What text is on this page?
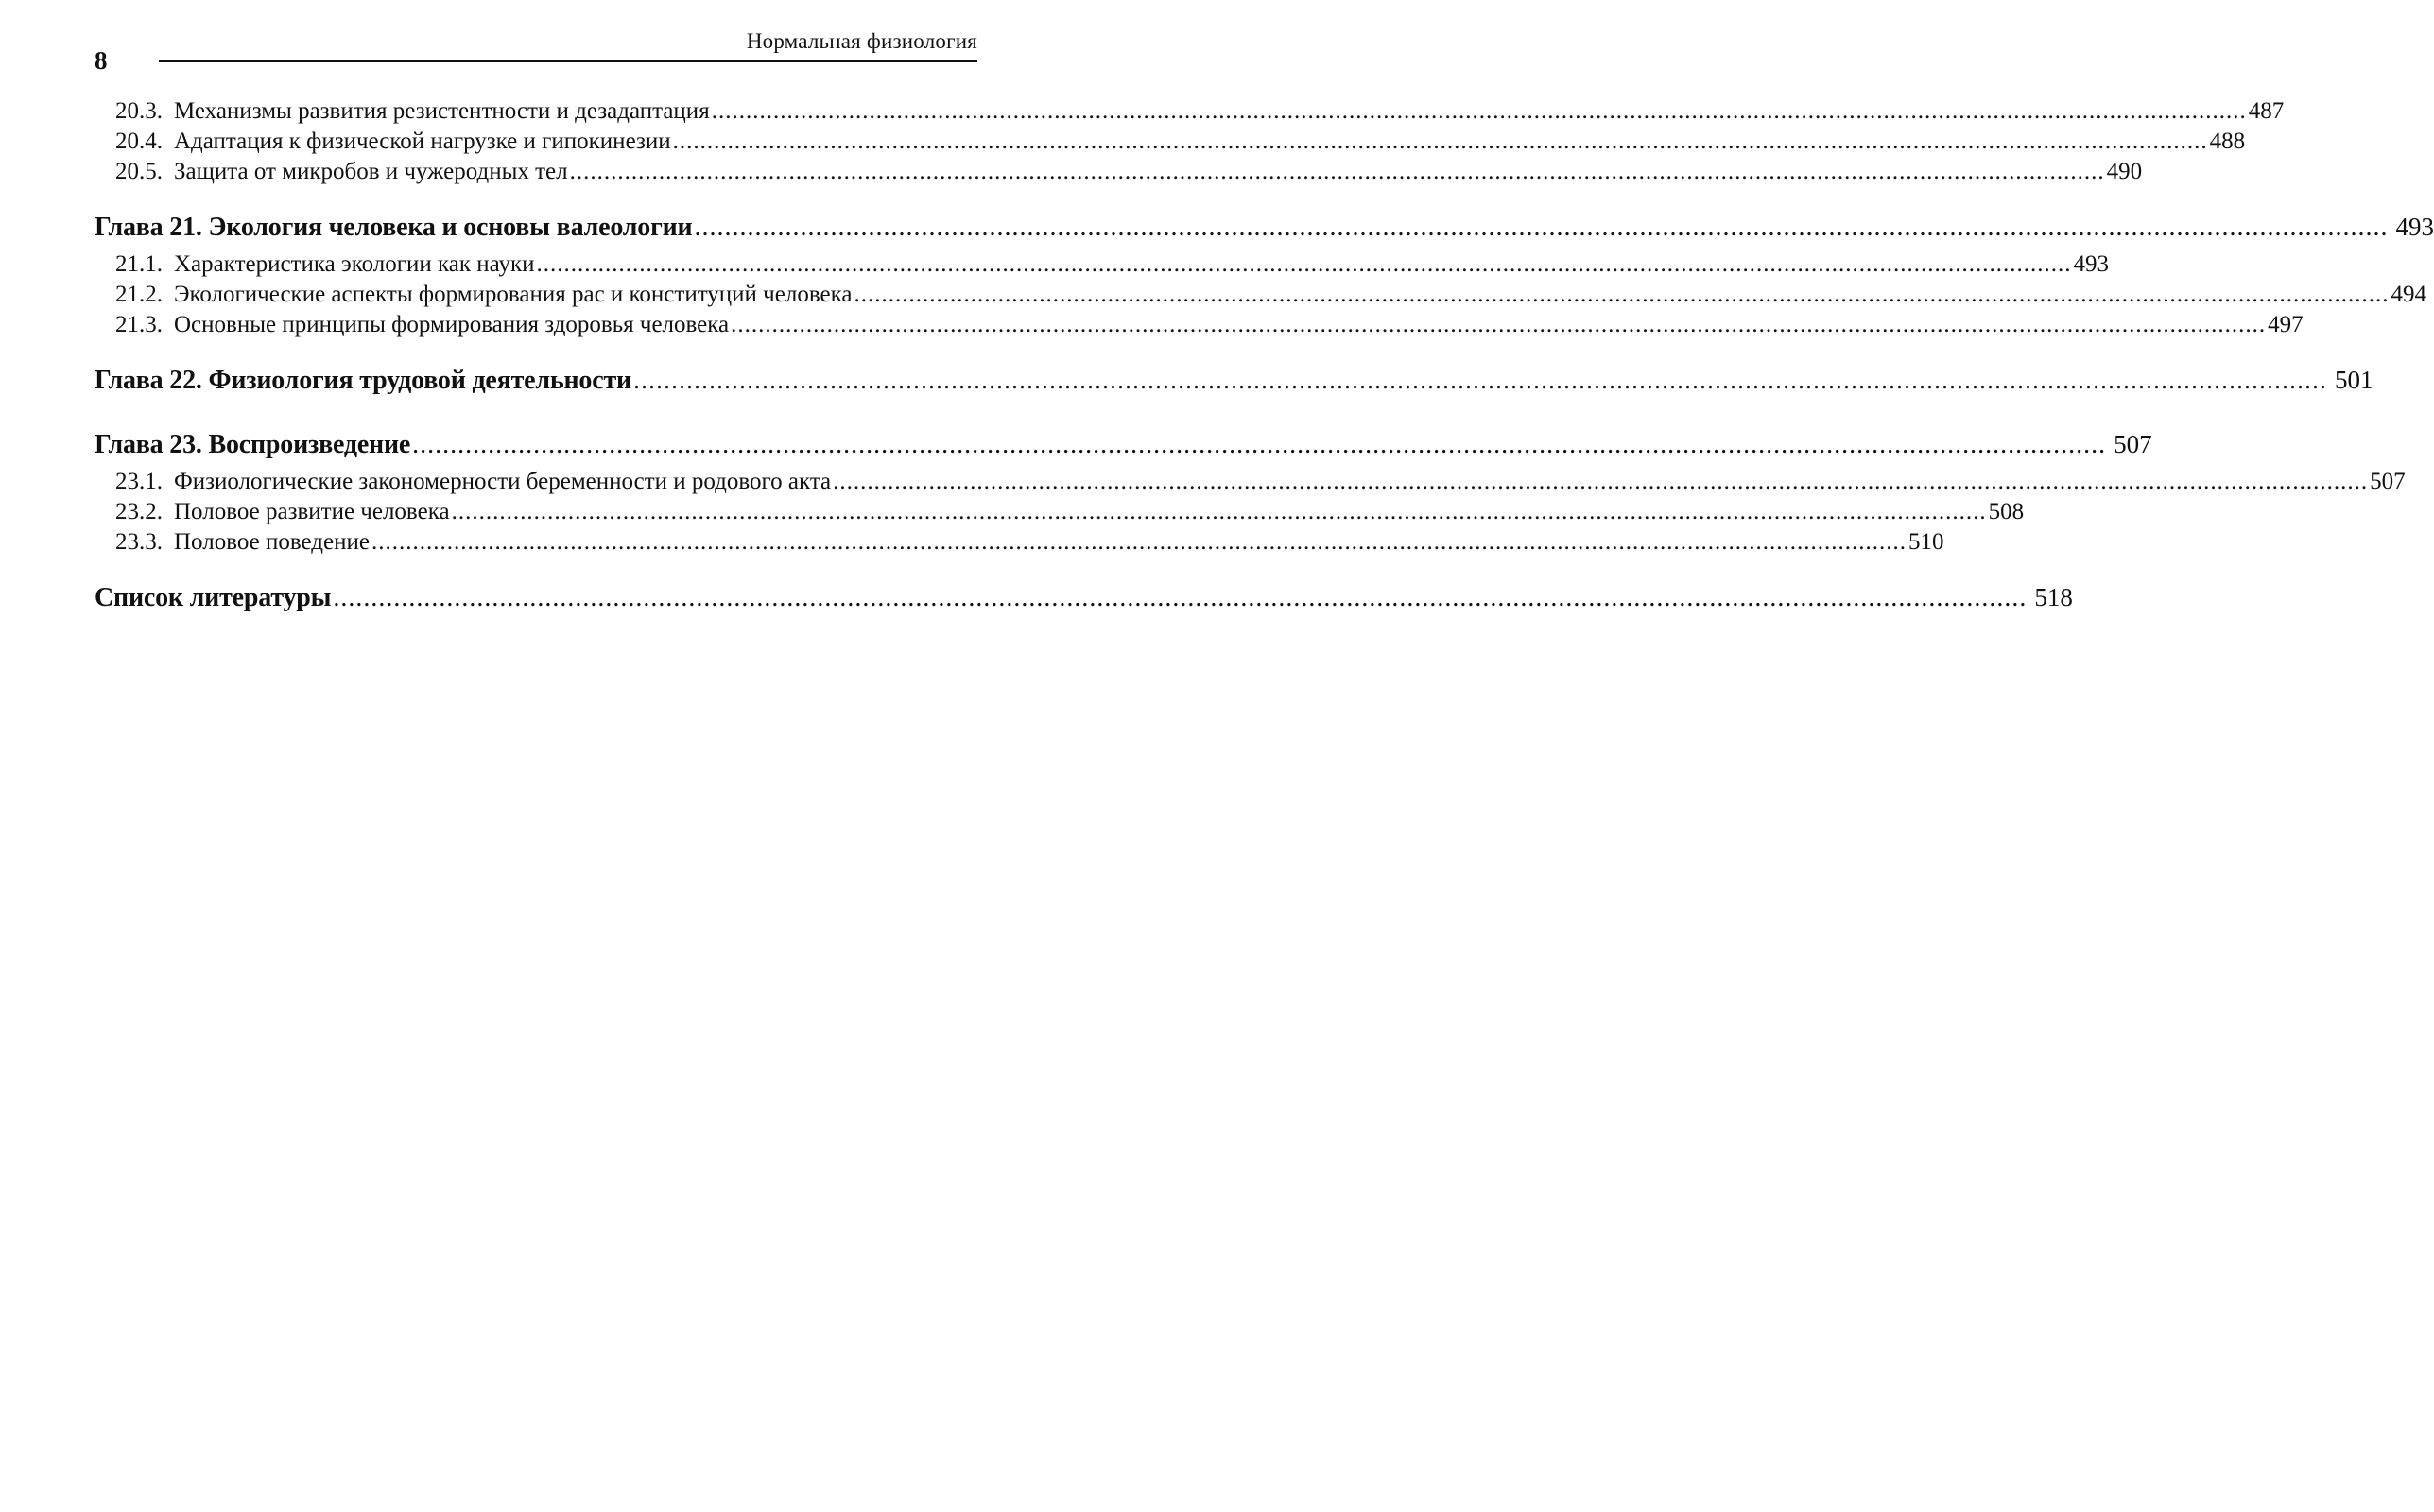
8
Нормальная физиология
20.3. Механизмы развития резистентности и дезадаптация .....	487
20.4. Адаптация к физической нагрузке и гипокинезии .....	488
20.5. Защита от микробов и чужеродных тел .....	490
Глава 21. Экология человека и основы валеологии .....	493
21.1. Характеристика экологии как науки .....	493
21.2. Экологические аспекты формирования рас и конституций человека .....	494
21.3. Основные принципы формирования здоровья человека .....	497
Глава 22. Физиология трудовой деятельности .....	501
Глава 23. Воспроизведение .....	507
23.1. Физиологические закономерности беременности и родового акта .....	507
23.2. Половое развитие человека .....	508
23.3. Половое поведение .....	510
Список литературы .....	518
